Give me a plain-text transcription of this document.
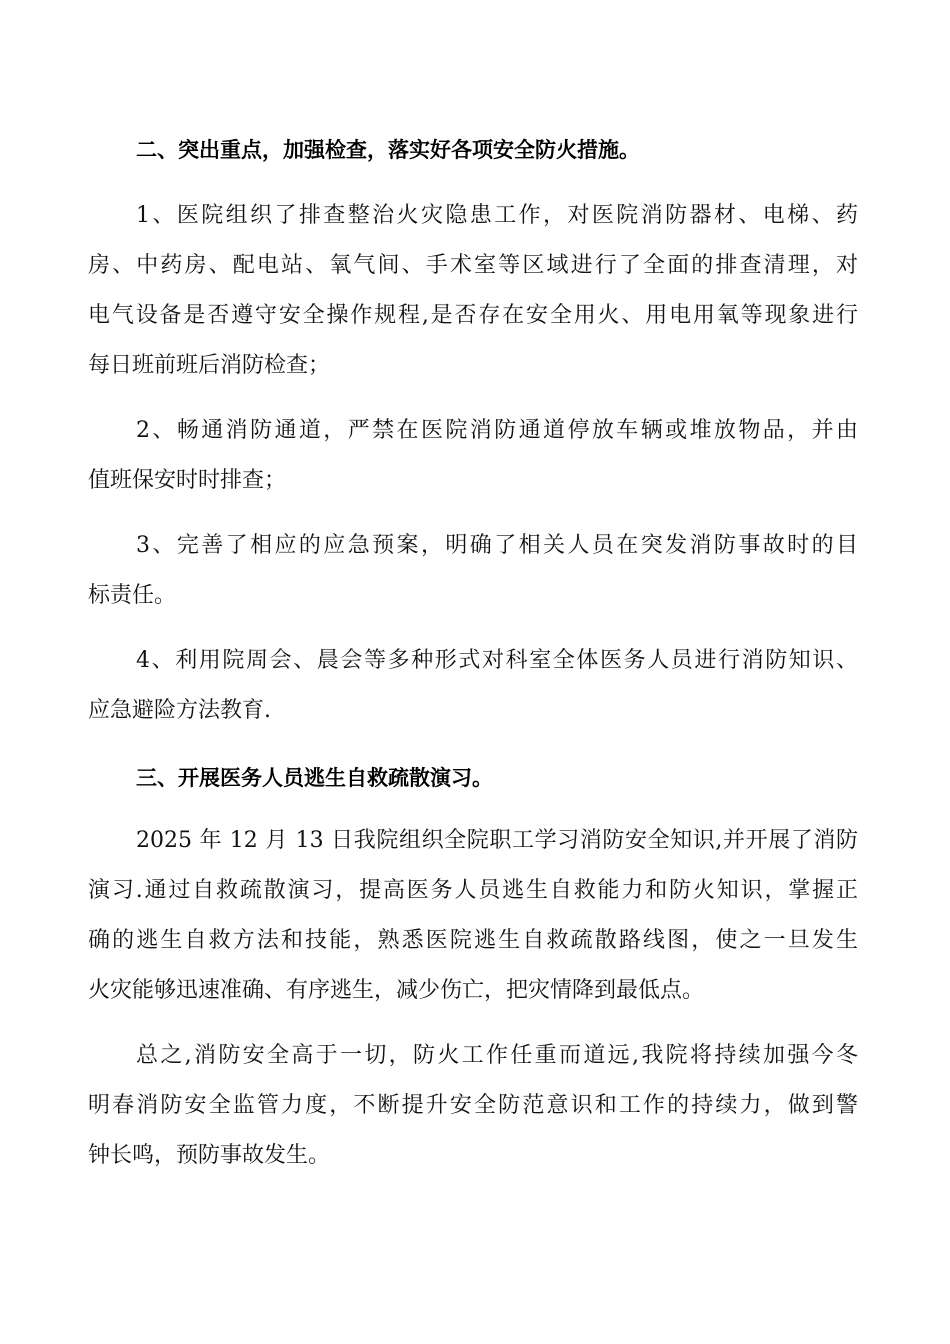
二、突出重点，加强检查，落实好各项安全防火措施。
1、医院组织了排查整治火灾隐患工作，对医院消防器材、电梯、药
房、中药房、配电站、氧气间、手术室等区域进行了全面的排查清理，对
电气设备是否遵守安全操作规程,是否存在安全用火、用电用氧等现象进行
每日班前班后消防检查；
2、畅通消防通道，严禁在医院消防通道停放车辆或堆放物品，并由
值班保安时时排查；
3、完善了相应的应急预案，明确了相关人员在突发消防事故时的目
标责任。
4、利用院周会、晨会等多种形式对科室全体医务人员进行消防知识、
应急避险方法教育.
三、开展医务人员逃生自救疏散演习。
2025 年 12 月 13 日我院组织全院职工学习消防安全知识,并开展了消防
演习.通过自救疏散演习，提高医务人员逃生自救能力和防火知识，掌握正
确的逃生自救方法和技能，熟悉医院逃生自救疏散路线图，使之一旦发生
火灾能够迅速准确、有序逃生，减少伤亡，把灾情降到最低点。
总之,消防安全高于一切，防火工作任重而道远,我院将持续加强今冬
明春消防安全监管力度，不断提升安全防范意识和工作的持续力，做到警
钟长鸣，预防事故发生。
